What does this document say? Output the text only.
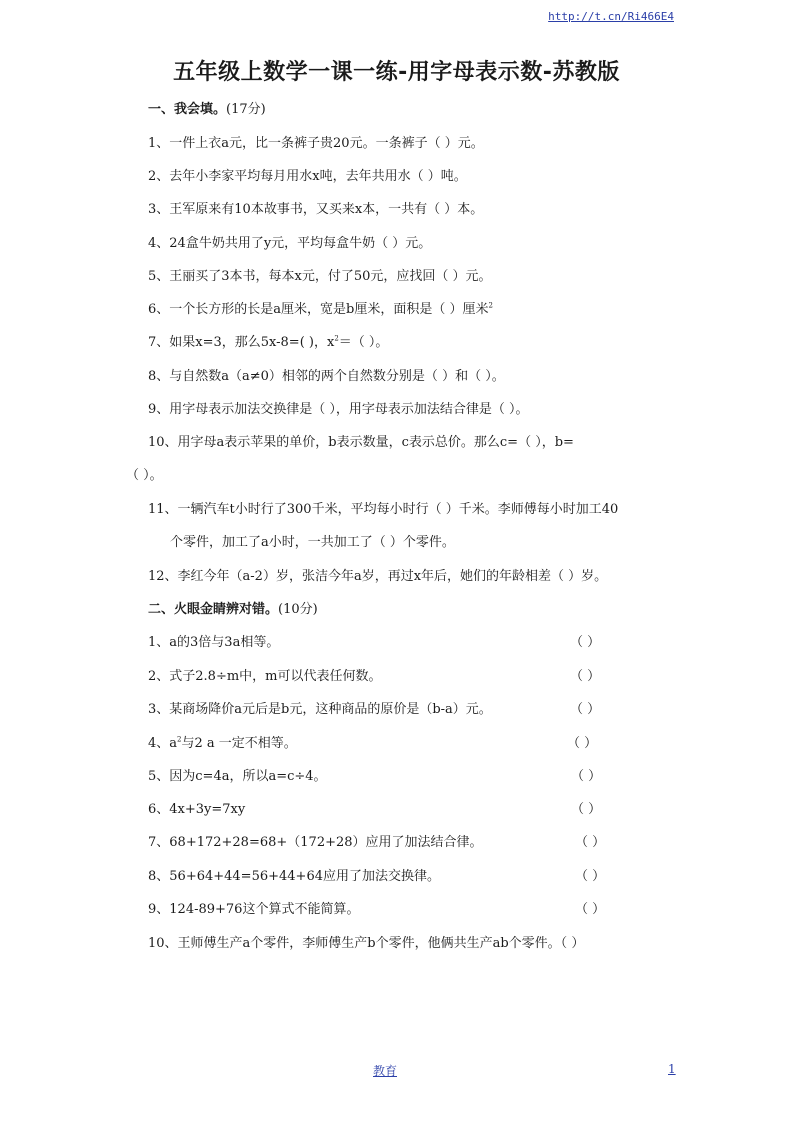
http://t.cn/Ri466E4
五年级上数学一课一练-用字母表示数-苏教版
一、我会填。(17分)
1、一件上衣a元，比一条裤子贵20元。一条裤子（ ）元。
2、去年小李家平均每月用水x吨，去年共用水（ ）吨。
3、王军原来有10本故事书，又买来x本，一共有（ ）本。
4、24盒牛奶共用了y元，平均每盒牛奶（ ）元。
5、王丽买了3本书，每本x元，付了50元，应找回（ ）元。
6、一个长方形的长是a厘米，宽是b厘米，面积是（ ）厘米$^2$
7、如果x=3，那么5x-8=( )，$x^2=$（ ）。
8、与自然数a（a≠0）相邻的两个自然数分别是（ ）和（ ）。
9、用字母表示加法交换律是（ ），用字母表示加法结合律是（ ）。
10、用字母a表示苹果的单价，b表示数量，c表示总价。那么c=（ ），b=
（ ）。
11、一辆汽车t小时行了300千米，平均每小时行（ ）千米。李师傅每小时加工40
个零件，加工了a小时，一共加工了（ ）个零件。
12、李红今年（a-2）岁，张洁今年a岁，再过x年后，她们的年龄相差（ ）岁。
二、火眼金睛辨对错。(10分)
1、a的3倍与3a相等。	（ ）
2、式子2.8÷m中，m可以代表任何数。	（ ）
3、某商场降价a元后是b元，这种商品的原价是（b-a）元。	（ ）
4、$a^2$与2 a 一定不相等。	（ ）
5、因为c=4a，所以a=c÷4。	（ ）
6、4x+3y=7xy	（ ）
7、68+172+28=68+（172+28）应用了加法结合律。	（ ）
8、56+64+44=56+44+64应用了加法交换律。	（ ）
9、124-89+76这个算式不能简算。	（ ）
10、王师傅生产a个零件，李师傅生产b个零件，他俩共生产ab个零件。（ ）
教育	1
